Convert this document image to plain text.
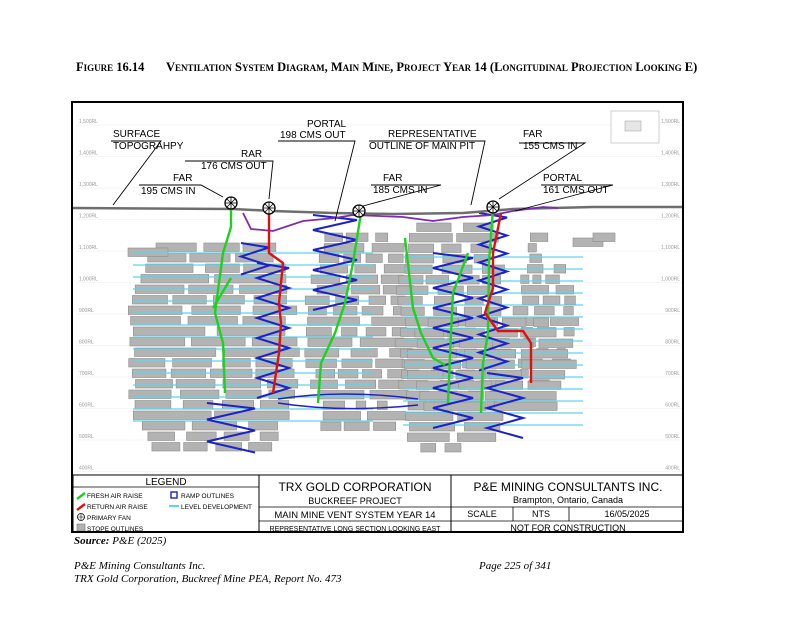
Figure 16.14 Ventilation System Diagram, Main Mine, Project Year 14 (Longitudinal Projection Looking E)
1,500RL	1,500RL
1,400RL	1,400RL
1,300RL	1,300RL
1,200RL	1,200RL
1,100RL	1,100RL
1,000RL	1,000RL
900RL	900RL
800RL	800RL
700RL	700RL
600RL	600RL
500RL	500RL
400RL	400RL
SURFACE
TOPOGRAHPY
RAR
176 CMS OUT
PORTAL
198 CMS OUT	REPRESENTATIVE
OUTLINE OF MAIN PIT
FAR
195 CMS IN
FAR
185 CMS IN
FAR
155 CMS IN
PORTAL
161 CMS OUT
LEGEND
FRESH AIR RAISE
RETURN AIR RAISE
PRIMARY FAN
STOPE OUTLINES
RAMP OUTLINES
LEVEL DEVELOPMENT
TRX GOLD CORPORATION
BUCKREEF PROJECT
MAIN MINE VENT SYSTEM YEAR 14
REPRESENTATIVE LONG SECTION LOOKING EAST
P&E MINING CONSULTANTS INC.
Brampton, Ontario, Canada
SCALE	NTS	16/05/2025
NOT FOR CONSTRUCTION
Source: P&E (2025)
P&E Mining Consultants Inc.
TRX Gold Corporation, Buckreef Mine PEA, Report No. 473
Page 225 of 341
